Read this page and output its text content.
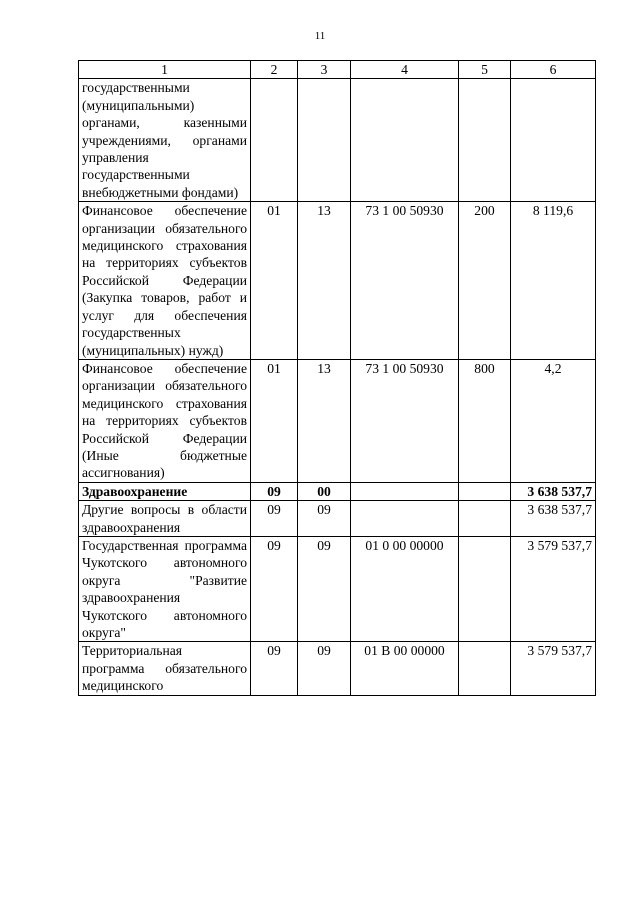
11
1	2	3	4	5	6
государственными (муниципальными) органами, казенными учреждениями, органами управления государственными внебюджетными фондами)					
Финансовое обеспечение организации обязательного медицинского страхования на территориях субъектов Российской Федерации (Закупка товаров, работ и услуг для обеспечения государственных (муниципальных) нужд)	01	13	73 1 00 50930	200	8 119,6
Финансовое обеспечение организации обязательного медицинского страхования на территориях субъектов Российской Федерации (Иные бюджетные ассигнования)	01	13	73 1 00 50930	800	4,2
Здравоохранение	09	00			3 638 537,7
Другие вопросы в области здравоохранения	09	09			3 638 537,7
Государственная программа Чукотского автономного округа "Развитие здравоохранения Чукотского автономного округа"	09	09	01 0 00 00000		3 579 537,7
Территориальная программа обязательного медицинского	09	09	01 В 00 00000		3 579 537,7
